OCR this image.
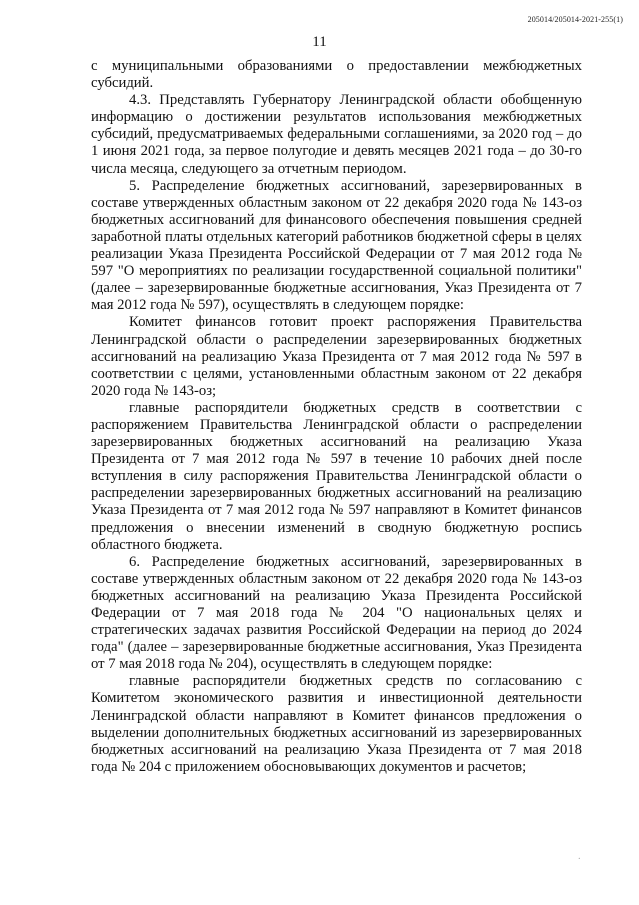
205014/205014-2021-255(1)
11

с муниципальными образованиями о предоставлении межбюджетных субсидий.

4.3. Представлять Губернатору Ленинградской области обобщенную информацию о достижении результатов использования межбюджетных субсидий, предусматриваемых федеральными соглашениями, за 2020 год – до 1 июня 2021 года, за первое полугодие и девять месяцев 2021 года – до 30-го числа месяца, следующего за отчетным периодом.

5. Распределение бюджетных ассигнований, зарезервированных в составе утвержденных областным законом от 22 декабря 2020 года № 143-оз бюджетных ассигнований для финансового обеспечения повышения средней заработной платы отдельных категорий работников бюджетной сферы в целях реализации Указа Президента Российской Федерации от 7 мая 2012 года № 597 "О мероприятиях по реализации государственной социальной политики" (далее – зарезервированные бюджетные ассигнования, Указ Президента от 7 мая 2012 года № 597), осуществлять в следующем порядке:

Комитет финансов готовит проект распоряжения Правительства Ленинградской области о распределении зарезервированных бюджетных ассигнований на реализацию Указа Президента от 7 мая 2012 года № 597 в соответствии с целями, установленными областным законом от 22 декабря 2020 года № 143-оз;

главные распорядители бюджетных средств в соответствии с распоряжением Правительства Ленинградской области о распределении зарезервированных бюджетных ассигнований на реализацию Указа Президента от 7 мая 2012 года № 597 в течение 10 рабочих дней после вступления в силу распоряжения Правительства Ленинградской области о распределении зарезервированных бюджетных ассигнований на реализацию Указа Президента от 7 мая 2012 года № 597 направляют в Комитет финансов предложения о внесении изменений в сводную бюджетную роспись областного бюджета.

6. Распределение бюджетных ассигнований, зарезервированных в составе утвержденных областным законом от 22 декабря 2020 года № 143-оз бюджетных ассигнований на реализацию Указа Президента Российской Федерации от 7 мая 2018 года № 204 "О национальных целях и стратегических задачах развития Российской Федерации на период до 2024 года" (далее – зарезервированные бюджетные ассигнования, Указ Президента от 7 мая 2018 года № 204), осуществлять в следующем порядке:

главные распорядители бюджетных средств по согласованию с Комитетом экономического развития и инвестиционной деятельности Ленинградской области направляют в Комитет финансов предложения о выделении дополнительных бюджетных ассигнований из зарезервированных бюджетных ассигнований на реализацию Указа Президента от 7 мая 2018 года № 204 с приложением обосновывающих документов и расчетов;

·
